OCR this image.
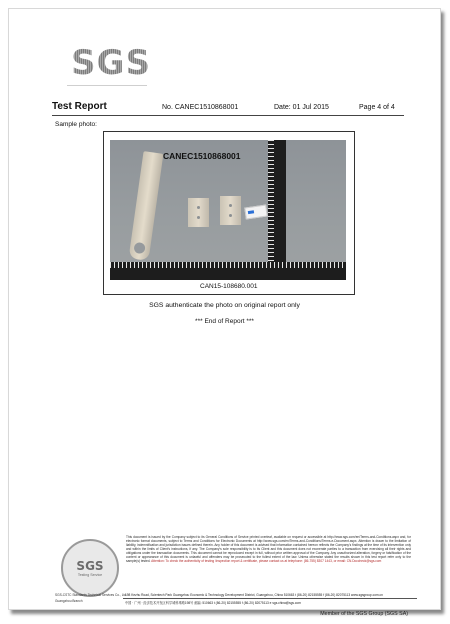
SGS
Test Report	No. CANEC1510868001	Date: 01 Jul 2015	Page 4 of 4
Sample photo:
CANEC1510868001
CAN15-108680.001
SGS authenticate the photo on original report only
*** End of Report ***
SGS
Testing Service
This document is issued by the Company subject to its General Conditions of Service printed overleaf, available on request or accessible at http://www.sgs.com/en/Terms-and-Conditions.aspx and, for electronic format documents, subject to Terms and Conditions for Electronic Documents at http://www.sgs.com/en/Terms-and-Conditions/Terms-e-Document.aspx. Attention is drawn to the limitation of liability, indemnification and jurisdiction issues defined therein. Any holder of this document is advised that information contained hereon reflects the Company's findings at the time of its intervention only and within the limits of Client's instructions, if any. The Company's sole responsibility is to its Client and this document does not exonerate parties to a transaction from exercising all their rights and obligations under the transaction documents. This document cannot be reproduced except in full, without prior written approval of the Company. Any unauthorized alteration, forgery or falsification of the content or appearance of this document is unlawful and offenders may be prosecuted to the fullest extent of the law. Unless otherwise stated the results shown in this test report refer only to the sample(s) tested. Attention: To check the authenticity of testing /inspection report & certificate, please contact us at telephone: (86-755) 8307 1443, or email: CN.Doccheck@sgs.com
SGS-CSTC Standards Technical Services Co., Ltd.
Guangzhou Branch
198 Kezhu Road, Scientech Park Guangzhou Economic & Technology Development District, Guangzhou, China 510663 t (86-20) 82155555 f (86-20) 82075113 www.sgsgroup.com.cn
中国 · 广州 · 经济技术开发区科学城科珠路198号 邮编: 510663 t (86-20) 82155555 f (86-20) 82075113 e sgs.china@sgs.com
Member of the SGS Group (SGS SA)
